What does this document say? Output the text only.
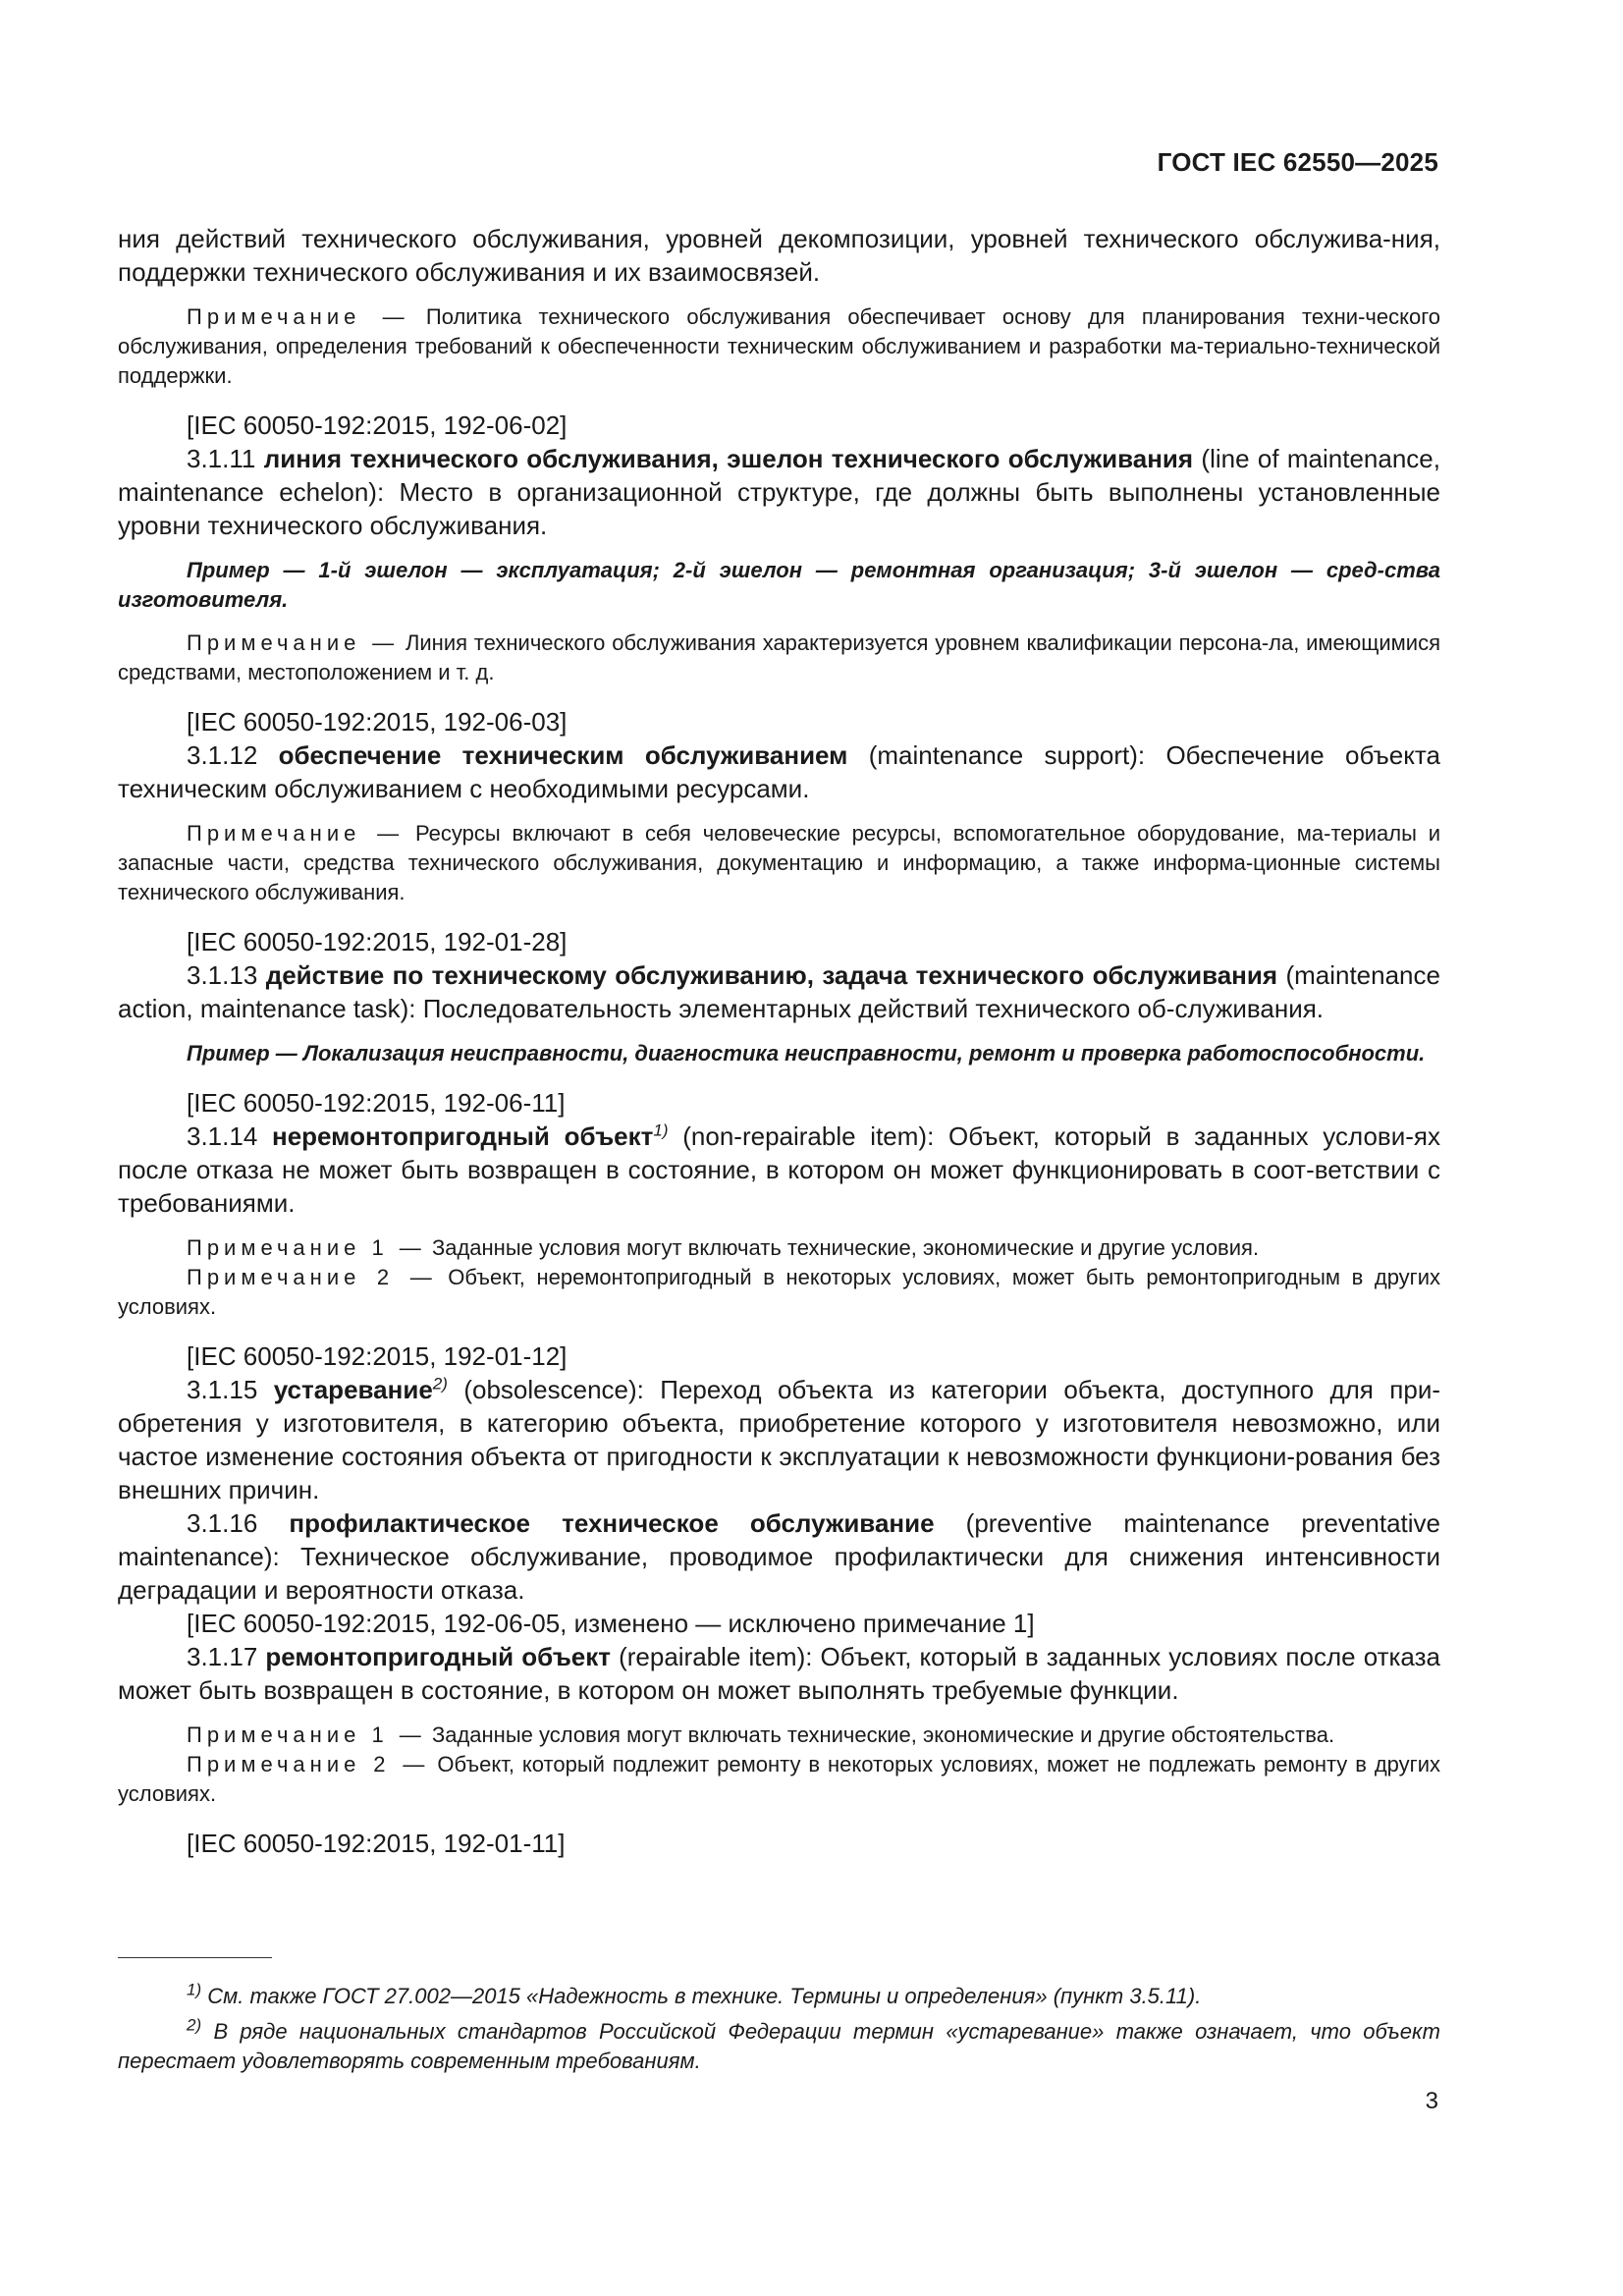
ГОСТ IEC 62550—2025

ния действий технического обслуживания, уровней декомпозиции, уровней технического обслужива-ния, поддержки технического обслуживания и их взаимосвязей.

Примечание — Политика технического обслуживания обеспечивает основу для планирования техни-ческого обслуживания, определения требований к обеспеченности техническим обслуживанием и разработки ма-териально-технической поддержки.

[IEC 60050-192:2015, 192-06-02]

3.1.11 линия технического обслуживания, эшелон технического обслуживания (line of maintenance, maintenance echelon): Место в организационной структуре, где должны быть выполнены установленные уровни технического обслуживания.

Пример — 1-й эшелон — эксплуатация; 2-й эшелон — ремонтная организация; 3-й эшелон — сред-ства изготовителя.

Примечание — Линия технического обслуживания характеризуется уровнем квалификации персона-ла, имеющимися средствами, местоположением и т. д.

[IEC 60050-192:2015, 192-06-03]

3.1.12 обеспечение техническим обслуживанием (maintenance support): Обеспечение объекта техническим обслуживанием с необходимыми ресурсами.

Примечание — Ресурсы включают в себя человеческие ресурсы, вспомогательное оборудование, ма-териалы и запасные части, средства технического обслуживания, документацию и информацию, а также информа-ционные системы технического обслуживания.

[IEC 60050-192:2015, 192-01-28]

3.1.13 действие по техническому обслуживанию, задача технического обслуживания (maintenance action, maintenance task): Последовательность элементарных действий технического об-служивания.

Пример — Локализация неисправности, диагностика неисправности, ремонт и проверка работоспособности.

[IEC 60050-192:2015, 192-06-11]

3.1.14 неремонтопригодный объект$^{1)}$ (non-repairable item): Объект, который в заданных услови-ях после отказа не может быть возвращен в состояние, в котором он может функционировать в соот-ветствии с требованиями.

Примечание 1 — Заданные условия могут включать технические, экономические и другие условия.

Примечание 2 — Объект, неремонтопригодный в некоторых условиях, может быть ремонтопригодным в других условиях.

[IEC 60050-192:2015, 192-01-12]

3.1.15 устаревание$^{2)}$ (obsolescence): Переход объекта из категории объекта, доступного для при-обретения у изготовителя, в категорию объекта, приобретение которого у изготовителя невозможно, или частое изменение состояния объекта от пригодности к эксплуатации к невозможности функциони-рования без внешних причин.

3.1.16 профилактическое техническое обслуживание (preventive maintenance preventative maintenance): Техническое обслуживание, проводимое профилактически для снижения интенсивности деградации и вероятности отказа.

[IEC 60050-192:2015, 192-06-05, изменено — исключено примечание 1]

3.1.17 ремонтопригодный объект (repairable item): Объект, который в заданных условиях после отказа может быть возвращен в состояние, в котором он может выполнять требуемые функции.

Примечание 1 — Заданные условия могут включать технические, экономические и другие обстоятельства.

Примечание 2 — Объект, который подлежит ремонту в некоторых условиях, может не подлежать ремонту в других условиях.

[IEC 60050-192:2015, 192-01-11]

$^{1)}$ См. также ГОСТ 27.002—2015 «Надежность в технике. Термины и определения» (пункт 3.5.11).

$^{2)}$ В ряде национальных стандартов Российской Федерации термин «устаревание» также означает, что объект перестает удовлетворять современным требованиям.

3
